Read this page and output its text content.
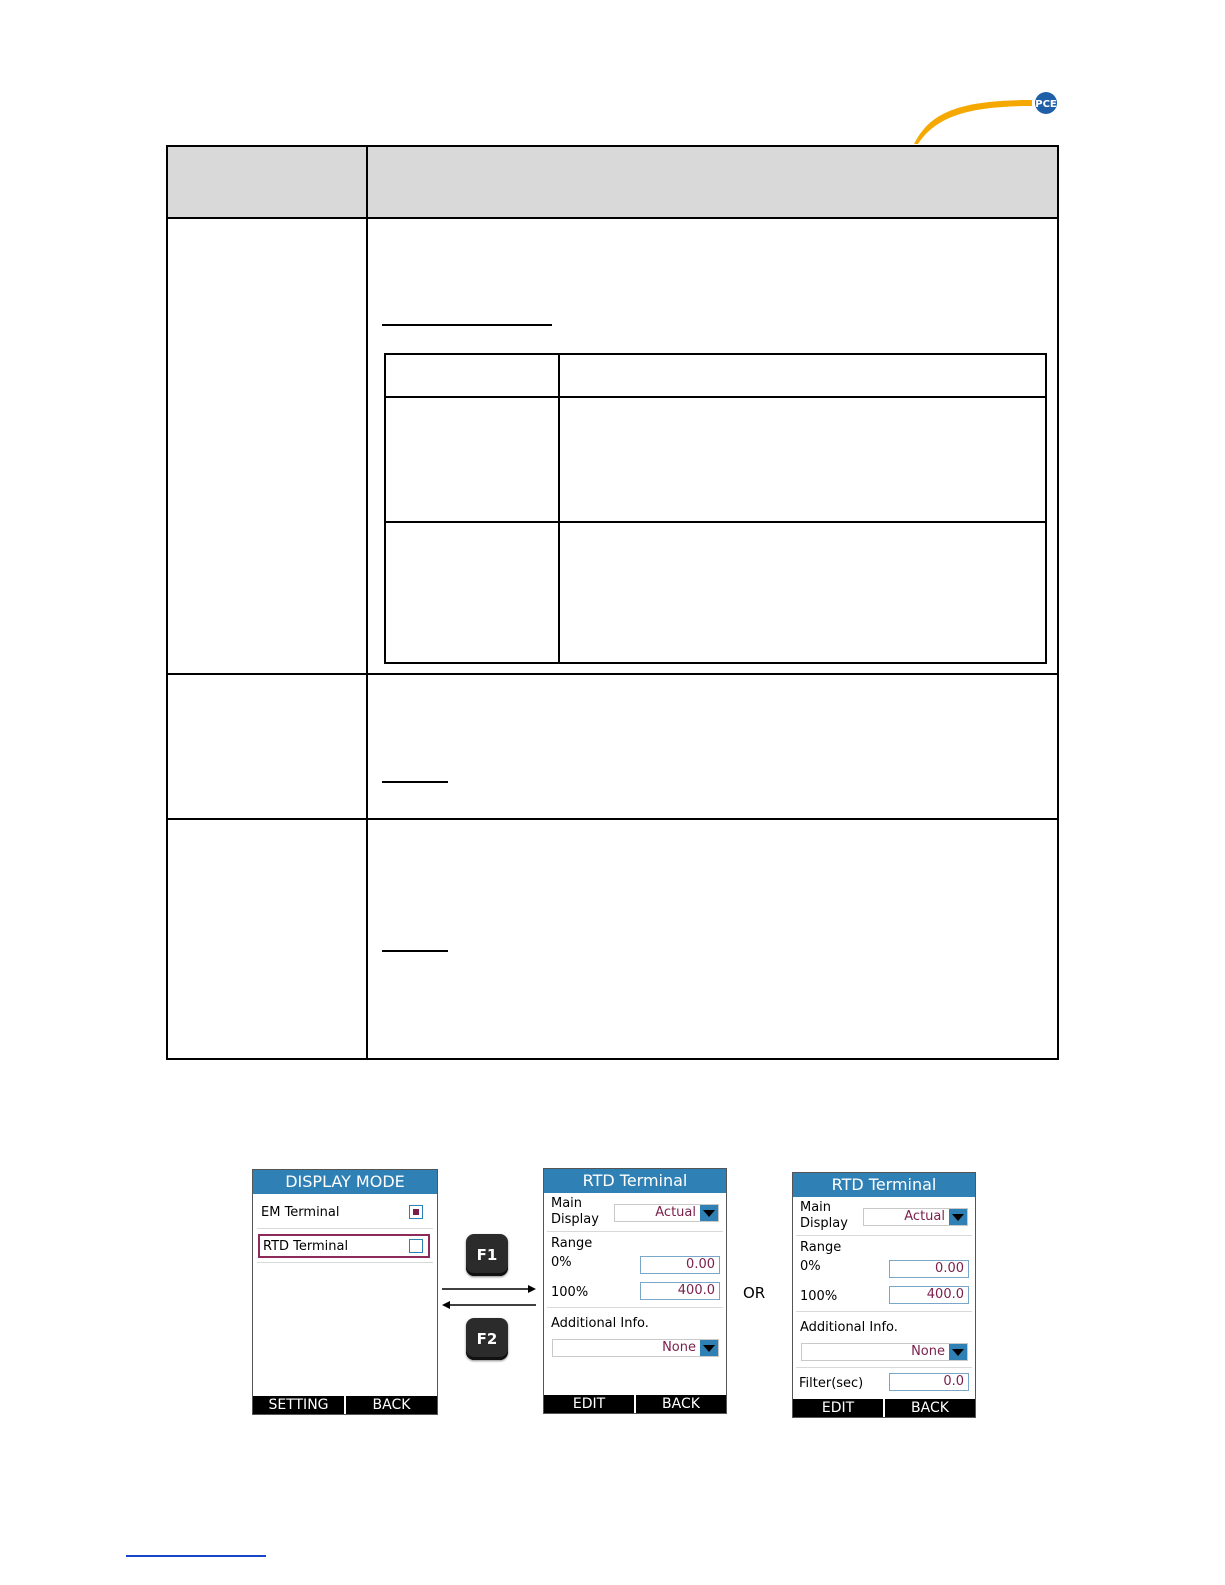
PCE
DISPLAY MODE
EM Terminal
RTD Terminal
SETTING	BACK
F1
F2
RTD Terminal
Main
Display	Actual
Range
0%	0.00
100%	400.0
Additional Info.
None
EDIT	BACK
OR
RTD Terminal
Main
Display	Actual
Range
0%	0.00
100%	400.0
Additional Info.
None
Filter(sec)	0.0
EDIT	BACK
